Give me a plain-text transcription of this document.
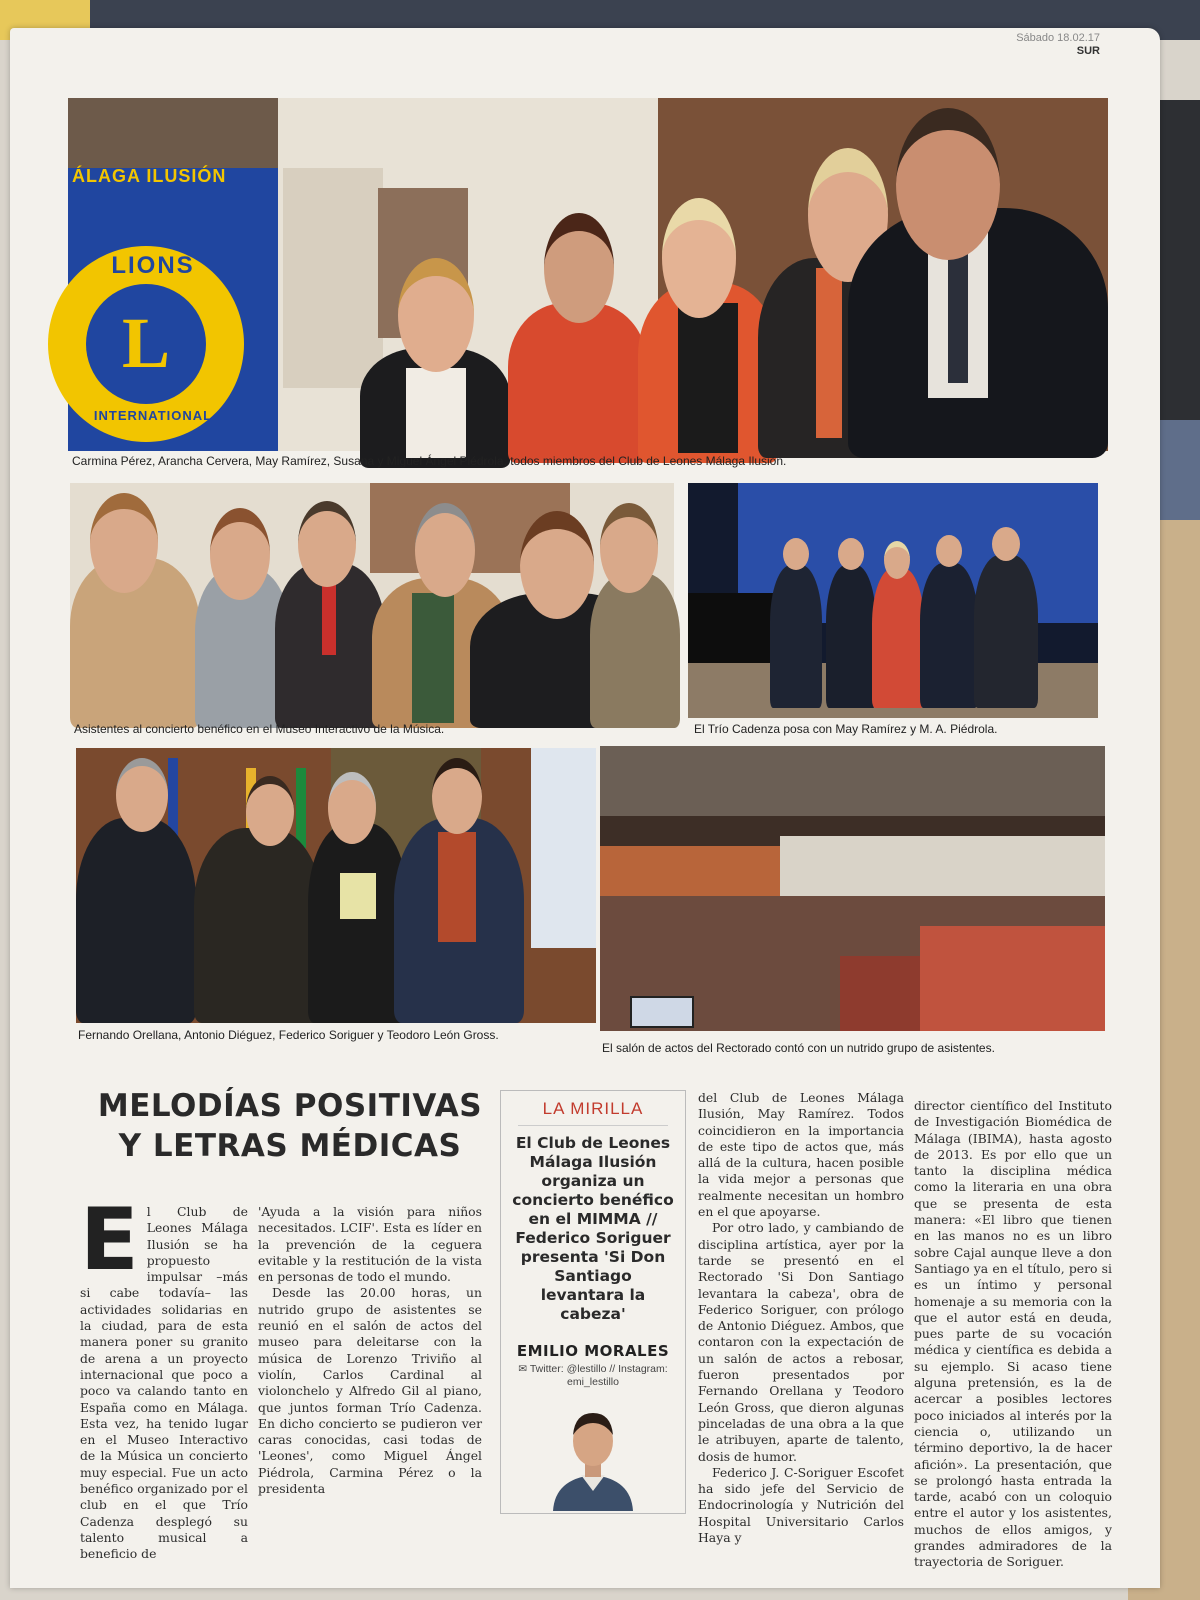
Sábado 18.02.17
SUR
ÁLAGA ILUSIÓN
L
LIONS
INTERNATIONAL
Carmina Pérez, Arancha Cervera, May Ramírez, Susana y Miguel Ángel Piédrola, todos miembros del Club de Leones Málaga Ilusión.
Asistentes al concierto benéfico en el Museo Interactivo de la Música.	El Trío Cadenza posa con May Ramírez y M. A. Piédrola.
Fernando Orellana, Antonio Diéguez, Federico Soriguer y Teodoro León Gross.
El salón de actos del Rectorado contó con un nutrido grupo de asistentes.
MELODÍAS POSITIVAS
Y LETRAS MÉDICAS
E l Club de Leones Málaga Ilusión se ha propuesto impulsar –más si cabe todavía– las actividades solidarias en la ciudad, para de esta manera poner su granito de arena a un proyecto internacional que poco a poco va calando tanto en España como en Málaga. Esta vez, ha tenido lugar en el Museo Interactivo de la Música un concierto muy especial. Fue un acto benéfico organizado por el club en el que Trío Cadenza desplegó su talento musical a beneficio de

'Ayuda a la visión para niños necesitados. LCIF'. Esta es líder en la prevención de la ceguera evitable y la restitución de la vista en personas de todo el mundo.

Desde las 20.00 horas, un nutrido grupo de asistentes se reunió en el salón de actos del museo para deleitarse con la música de Lorenzo Triviño al violín, Carlos Cardinal al violonchelo y Alfredo Gil al piano, que juntos forman Trío Cadenza. En dicho concierto se pudieron ver caras conocidas, casi todas de 'Leones', como Miguel Ángel Piédrola, Carmina Pérez o la presidenta

LA MIRILLA
El Club de Leones Málaga Ilusión organiza un concierto benéfico en el MIMMA // Federico Soriguer presenta 'Si Don Santiago levantara la cabeza'
EMILIO MORALES
✉ Twitter: @lestillo // Instagram: emi_lestillo

del Club de Leones Málaga Ilusión, May Ramírez. Todos coincidieron en la importancia de este tipo de actos que, más allá de la cultura, hacen posible la vida mejor a personas que realmente necesitan un hombro en el que apoyarse.

Por otro lado, y cambiando de disciplina artística, ayer por la tarde se presentó en el Rectorado 'Si Don Santiago levantara la cabeza', obra de Federico Soriguer, con prólogo de Antonio Diéguez. Ambos, que contaron con la expectación de un salón de actos a rebosar, fueron presentados por Fernando Orellana y Teodoro León Gross, que dieron algunas pinceladas de una obra a la que le atribuyen, aparte de talento, dosis de humor.

Federico J. C-Soriguer Escofet ha sido jefe del Servicio de Endocrinología y Nutrición del Hospital Universitario Carlos Haya y

director científico del Instituto de Investigación Biomédica de Málaga (IBIMA), hasta agosto de 2013. Es por ello que un tanto la disciplina médica como la literaria en una obra que se presenta de esta manera: «El libro que tienen en las manos no es un libro sobre Cajal aunque lleve a don Santiago ya en el título, pero si es un íntimo y personal homenaje a su memoria con la que el autor está en deuda, pues parte de su vocación médica y científica es debida a su ejemplo. Si acaso tiene alguna pretensión, es la de acercar a posibles lectores poco iniciados al interés por la ciencia o, utilizando un término deportivo, la de hacer afición». La presentación, que se prolongó hasta entrada la tarde, acabó con un coloquio entre el autor y los asistentes, muchos de ellos amigos, y grandes admiradores de la trayectoria de Soriguer.
